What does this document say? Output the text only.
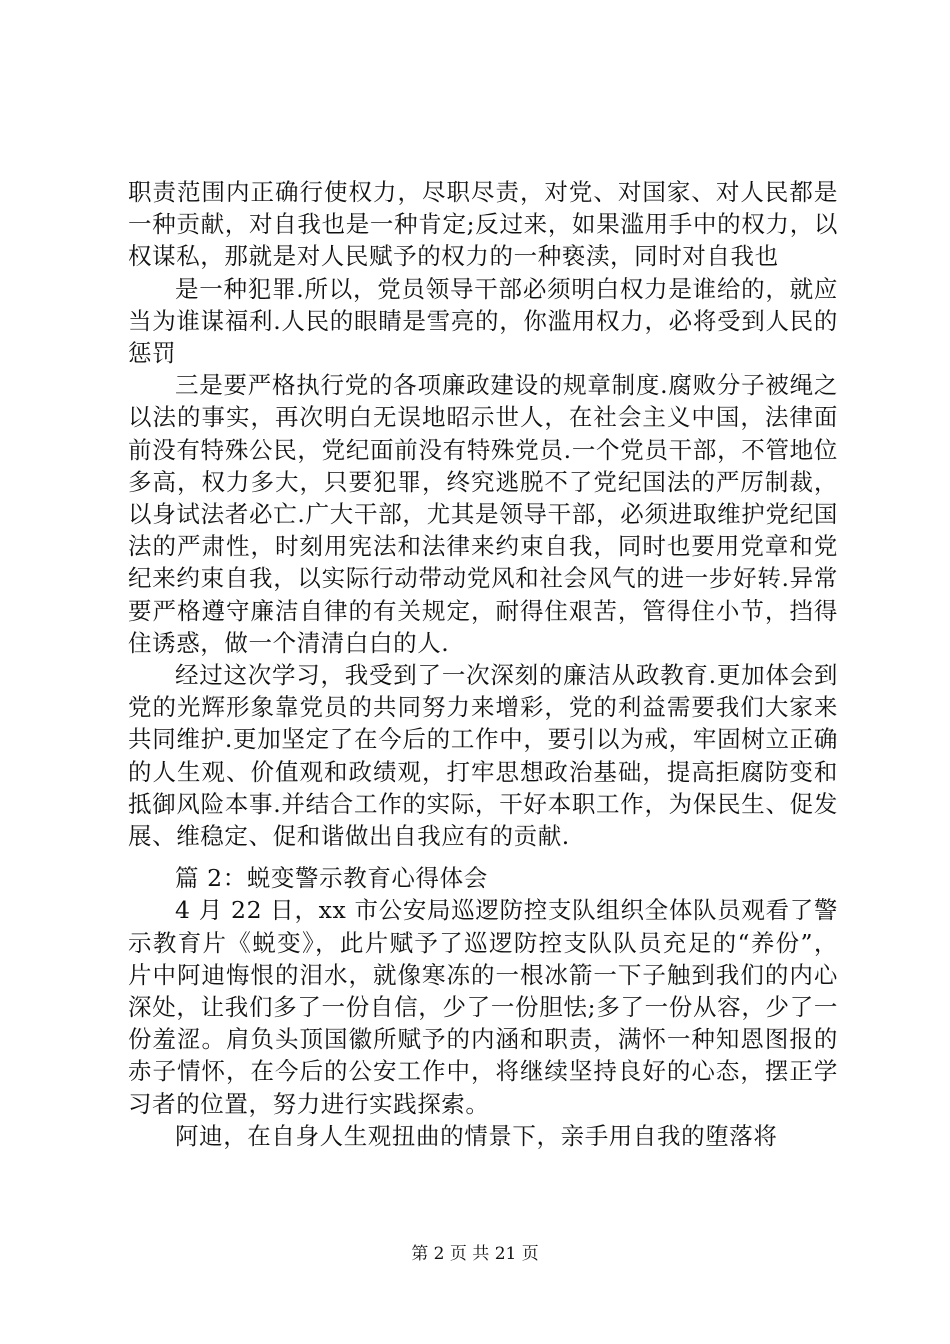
职责范围内正确行使权力，尽职尽责，对党、对国家、对人民都是一种贡献，对自我也是一种肯定;反过来，如果滥用手中的权力，以权谋私，那就是对人民赋予的权力的一种亵渎，同时对自我也

是一种犯罪.所以，党员领导干部必须明白权力是谁给的，就应当为谁谋福利.人民的眼睛是雪亮的，你滥用权力，必将受到人民的惩罚

三是要严格执行党的各项廉政建设的规章制度.腐败分子被绳之以法的事实，再次明白无误地昭示世人，在社会主义中国，法律面前没有特殊公民，党纪面前没有特殊党员.一个党员干部，不管地位多高，权力多大，只要犯罪，终究逃脱不了党纪国法的严厉制裁，以身试法者必亡.广大干部，尤其是领导干部，必须进取维护党纪国法的严肃性，时刻用宪法和法律来约束自我，同时也要用党章和党纪来约束自我，以实际行动带动党风和社会风气的进一步好转.异常要严格遵守廉洁自律的有关规定，耐得住艰苦，管得住小节，挡得住诱惑，做一个清清白白的人.

经过这次学习，我受到了一次深刻的廉洁从政教育.更加体会到党的光辉形象靠党员的共同努力来增彩，党的利益需要我们大家来共同维护.更加坚定了在今后的工作中，要引以为戒，牢固树立正确的人生观、价值观和政绩观，打牢思想政治基础，提高拒腐防变和抵御风险本事.并结合工作的实际，干好本职工作，为保民生、促发展、维稳定、促和谐做出自我应有的贡献.

篇 2：蜕变警示教育心得体会

4 月 22 日，xx 市公安局巡逻防控支队组织全体队员观看了警示教育片《蜕变》，此片赋予了巡逻防控支队队员充足的“养份”，片中阿迪悔恨的泪水，就像寒冻的一根冰箭一下子触到我们的内心深处，让我们多了一份自信，少了一份胆怯;多了一份从容，少了一份羞涩。肩负头顶国徽所赋予的内涵和职责，满怀一种知恩图报的赤子情怀，在今后的公安工作中，将继续坚持良好的心态，摆正学习者的位置，努力进行实践探索。

阿迪，在自身人生观扭曲的情景下，亲手用自我的堕落将

第 2 页 共 21 页
